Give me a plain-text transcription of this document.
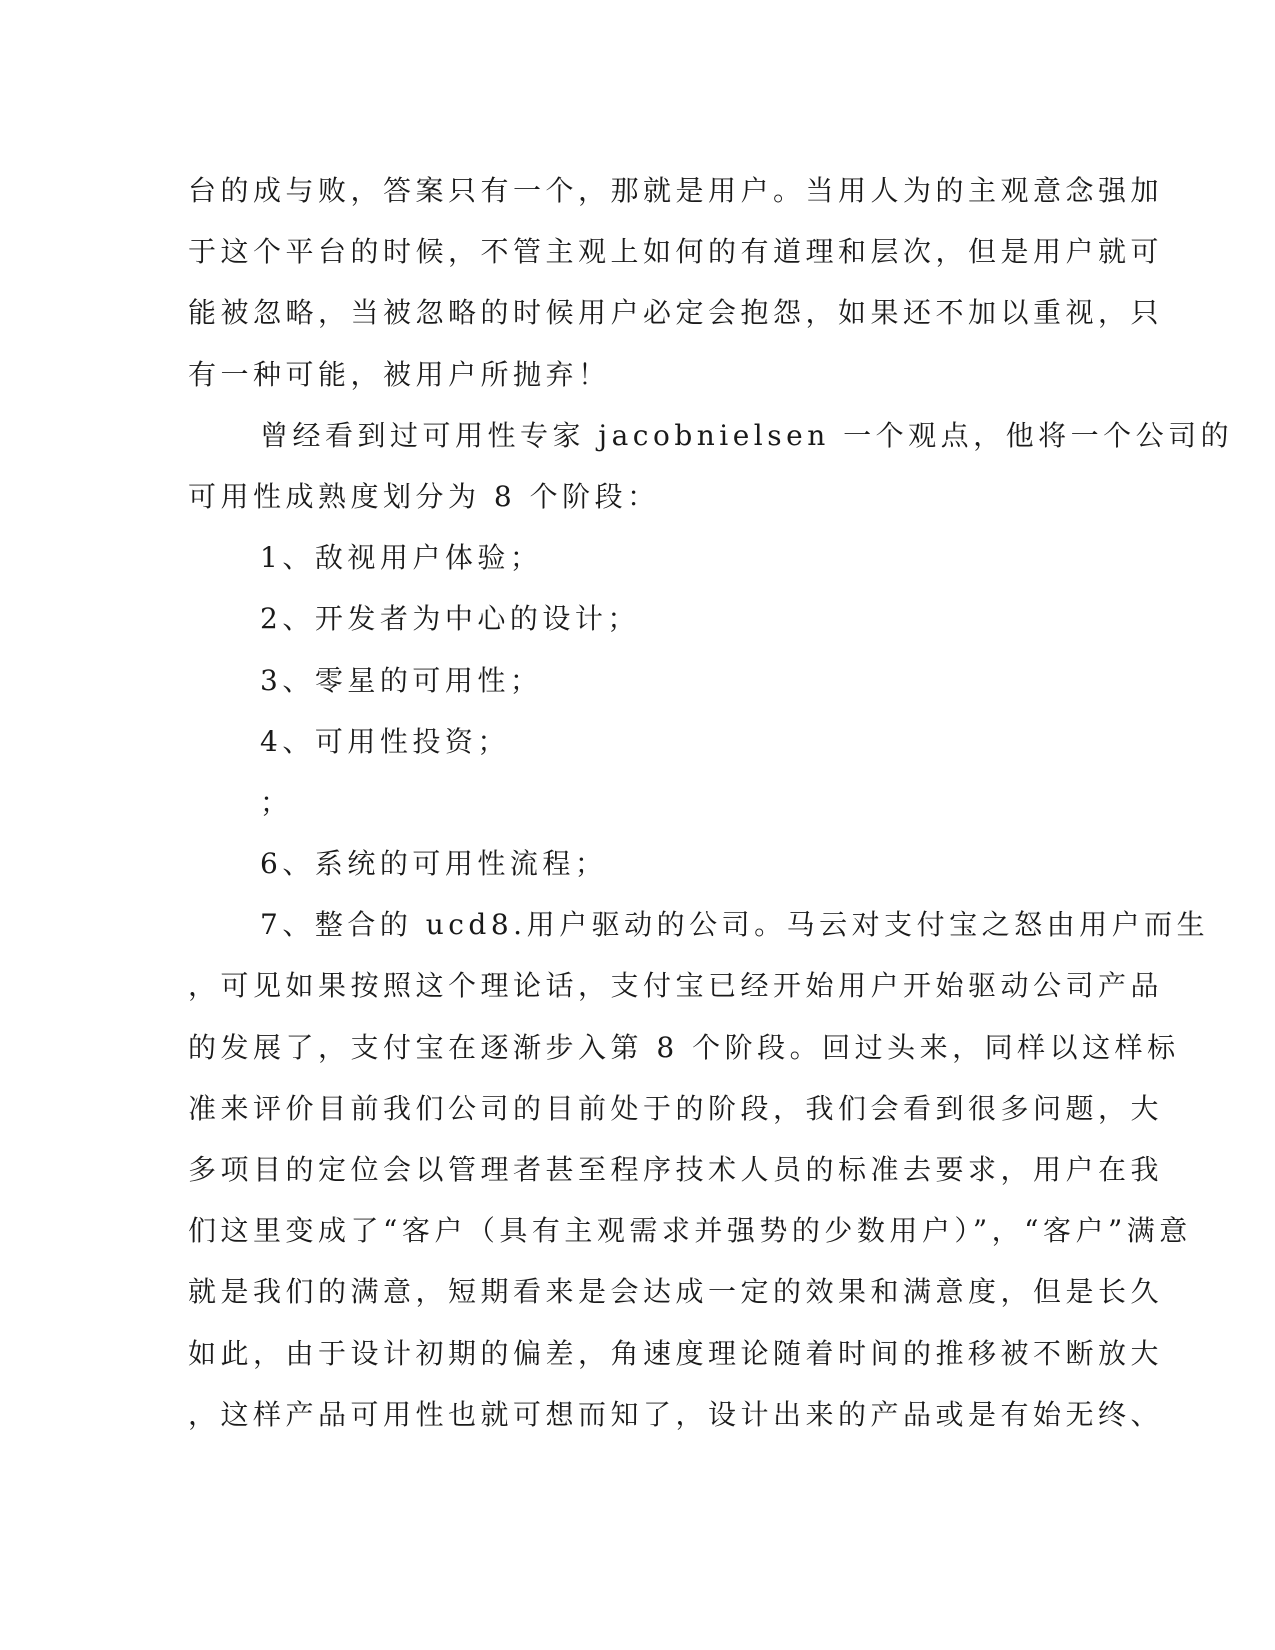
台的成与败，答案只有一个，那就是用户。当用人为的主观意念强加
于这个平台的时候，不管主观上如何的有道理和层次，但是用户就可
能被忽略，当被忽略的时候用户必定会抱怨，如果还不加以重视，只
有一种可能，被用户所抛弃！
曾经看到过可用性专家 jacobnielsen 一个观点，他将一个公司的
可用性成熟度划分为 8 个阶段：
1、敌视用户体验；
2、开发者为中心的设计；
3、零星的可用性；
4、可用性投资；
；
6、系统的可用性流程；
7、整合的 ucd8.用户驱动的公司。马云对支付宝之怒由用户而生
，可见如果按照这个理论话，支付宝已经开始用户开始驱动公司产品
的发展了，支付宝在逐渐步入第 8 个阶段。回过头来，同样以这样标
准来评价目前我们公司的目前处于的阶段，我们会看到很多问题，大
多项目的定位会以管理者甚至程序技术人员的标准去要求，用户在我
们这里变成了“客户（具有主观需求并强势的少数用户）”，“客户”满意
就是我们的满意，短期看来是会达成一定的效果和满意度，但是长久
如此，由于设计初期的偏差，角速度理论随着时间的推移被不断放大
，这样产品可用性也就可想而知了，设计出来的产品或是有始无终、
